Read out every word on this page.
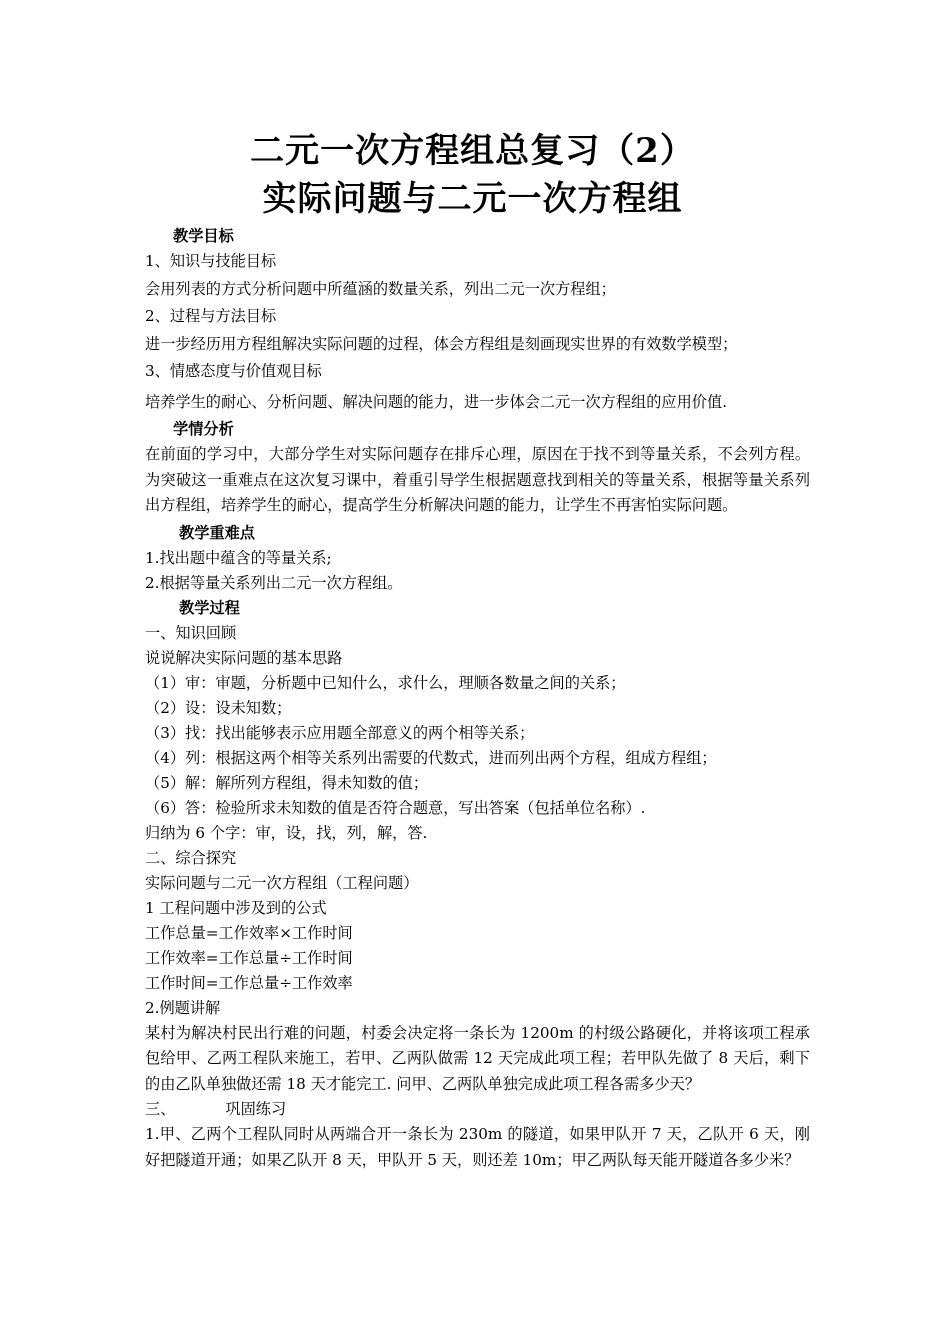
二元一次方程组总复习（2）
实际问题与二元一次方程组

教学目标

1、知识与技能目标

会用列表的方式分析问题中所蕴涵的数量关系，列出二元一次方程组；

2、过程与方法目标

进一步经历用方程组解决实际问题的过程，体会方程组是刻画现实世界的有效数学模型；

3、情感态度与价值观目标

培养学生的耐心、分析问题、解决问题的能力，进一步体会二元一次方程组的应用价值.

学情分析

在前面的学习中，大部分学生对实际问题存在排斥心理，原因在于找不到等量关系，不会列方程。为突破这一重难点在这次复习课中，着重引导学生根据题意找到相关的等量关系，根据等量关系列出方程组，培养学生的耐心，提高学生分析解决问题的能力，让学生不再害怕实际问题。

教学重难点

1.找出题中蕴含的等量关系;

2.根据等量关系列出二元一次方程组。

教学过程

一、知识回顾

说说解决实际问题的基本思路

（1）审：审题，分析题中已知什么，求什么，理顺各数量之间的关系；

（2）设：设未知数；

（3）找：找出能够表示应用题全部意义的两个相等关系；

（4）列：根据这两个相等关系列出需要的代数式，进而列出两个方程，组成方程组；

（5）解：解所列方程组，得未知数的值；

（6）答：检验所求未知数的值是否符合题意，写出答案（包括单位名称）.

归纳为 6 个字：审，设，找，列，解，答.

二、综合探究

实际问题与二元一次方程组（工程问题）

1 工程问题中涉及到的公式

工作总量=工作效率×工作时间

工作效率=工作总量÷工作时间

工作时间=工作总量÷工作效率

2.例题讲解

某村为解决村民出行难的问题，村委会决定将一条长为 1200m 的村级公路硬化，并将该项工程承包给甲、乙两工程队来施工，若甲、乙两队做需 12 天完成此项工程；若甲队先做了 8 天后，剩下的由乙队单独做还需 18 天才能完工. 问甲、乙两队单独完成此项工程各需多少天？

三、	巩固练习

1.甲、乙两个工程队同时从两端合开一条长为 230m 的隧道，如果甲队开 7 天，乙队开 6 天，刚好把隧道开通；如果乙队开 8 天，甲队开 5 天，则还差 10m；甲乙两队每天能开隧道各多少米？
